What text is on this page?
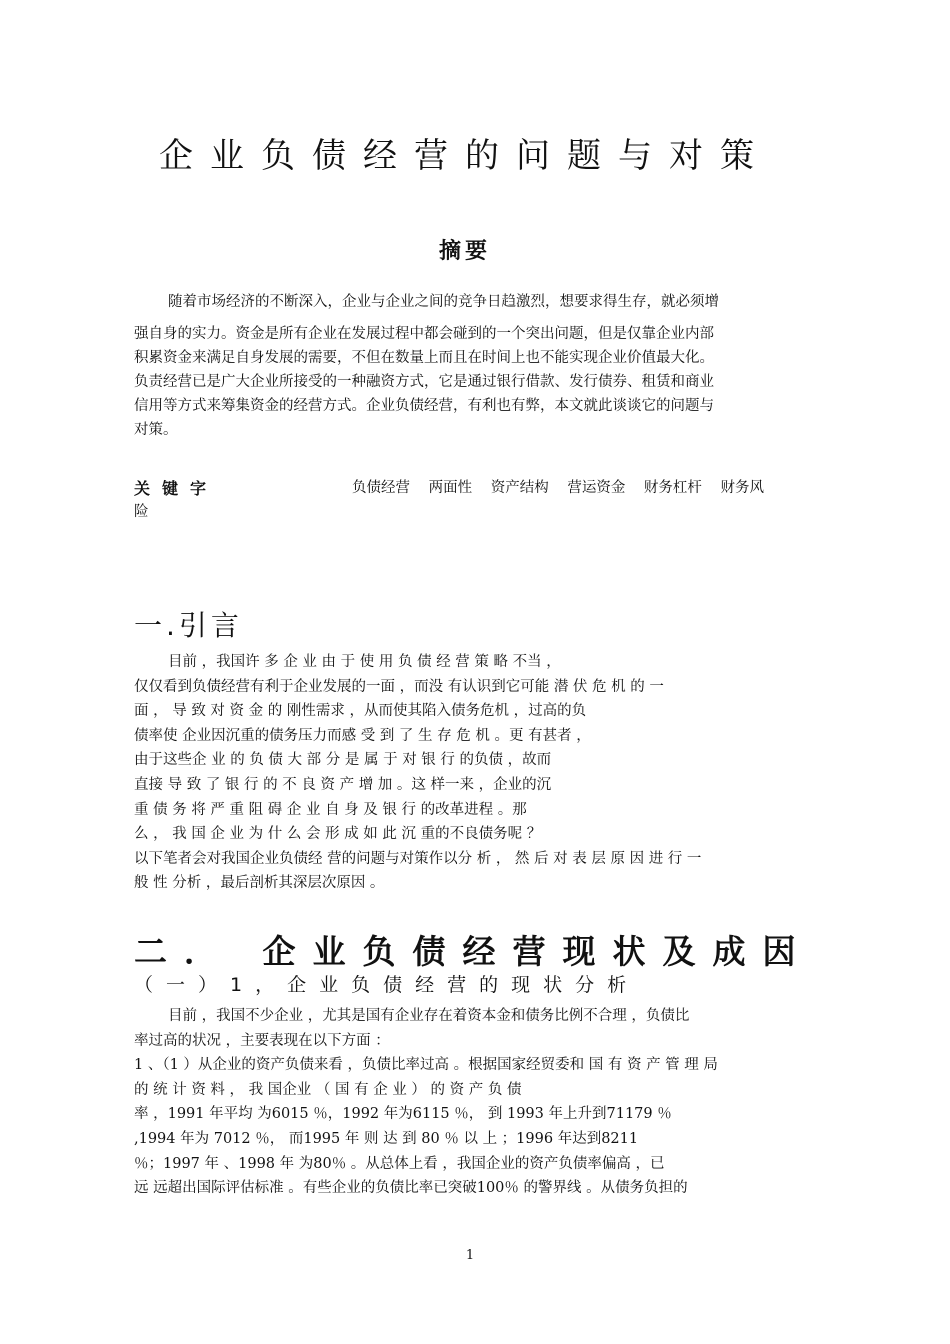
企业负债经营的问题与对策
摘要
随着市场经济的不断深入，企业与企业之间的竞争日趋激烈，想要求得生存，就必须增
强自身的实力。资金是所有企业在发展过程中都会碰到的一个突出问题，但是仅靠企业内部
积累资金来满足自身发展的需要，不但在数量上而且在时间上也不能实现企业价值最大化。
负责经营已是广大企业所接受的一种融资方式，它是通过银行借款、发行债券、租赁和商业
信用等方式来筹集资金的经营方式。企业负债经营，有利也有弊，本文就此谈谈它的问题与
对策。
关键字	负债经营 两面性 资产结构 营运资金 财务杠杆 财务风
险
一.引言
目前 ，我国许 多 企 业 由 于 使 用 负 债 经 营 策 略 不当 ，
仅仅看到负债经营有利于企业发展的一面 ，而没 有认识到它可能 潜 伏 危 机 的 一
面 ， 导 致 对 资 金 的 刚性需求 ，从而使其陷入债务危机 ，过高的负
债率使 企业因沉重的债务压力而感 受 到 了 生 存 危 机 。更 有甚者 ，
由于这些企 业 的 负 债 大 部 分 是 属 于 对 银 行 的负债 ，故而
直接 导 致 了 银 行 的 不 良 资 产 增 加 。这 样一来 ，企业的沉
重 债 务 将 严 重 阻 碍 企 业 自 身 及 银 行 的改革进程 。那
么 ， 我 国 企 业 为 什 么 会 形 成 如 此 沉 重的不良债务呢 ？
以下笔者会对我国企业负债经 营的问题与对策作以分 析 ， 然 后 对 表 层 原 因 进 行 一
般 性 分析 ，最后剖析其深层次原因 。
二． 企业负债经营现状及成因
（一）1，企业负债经营的现状分析
目前 ，我国不少企业 ，尤其是国有企业存在着资本金和债务比例不合理 ，负债比
率过高的状况 ，主要表现在以下方面 ：
1 、（1 ）从企业的资产负债来看 ，负债比率过高 。根据国家经贸委和 国 有 资 产 管 理 局
的 统 计 资 料 ， 我 国企业 （ 国 有 企 业 ） 的 资 产 负 债
率 ，1991 年平均 为6015 ％，1992 年为6115 ％， 到 1993 年上升到71179 ％
,1994 年为 7012 ％， 而1995 年 则 达 到 80 ％ 以 上 ；1996 年达到8211
％；1997 年 、1998 年 为80％ 。从总体上看 ，我国企业的资产负债率偏高 ，已
远 远超出国际评估标准 。有些企业的负债比率已突破100％ 的警界线 。从债务负担的
1
